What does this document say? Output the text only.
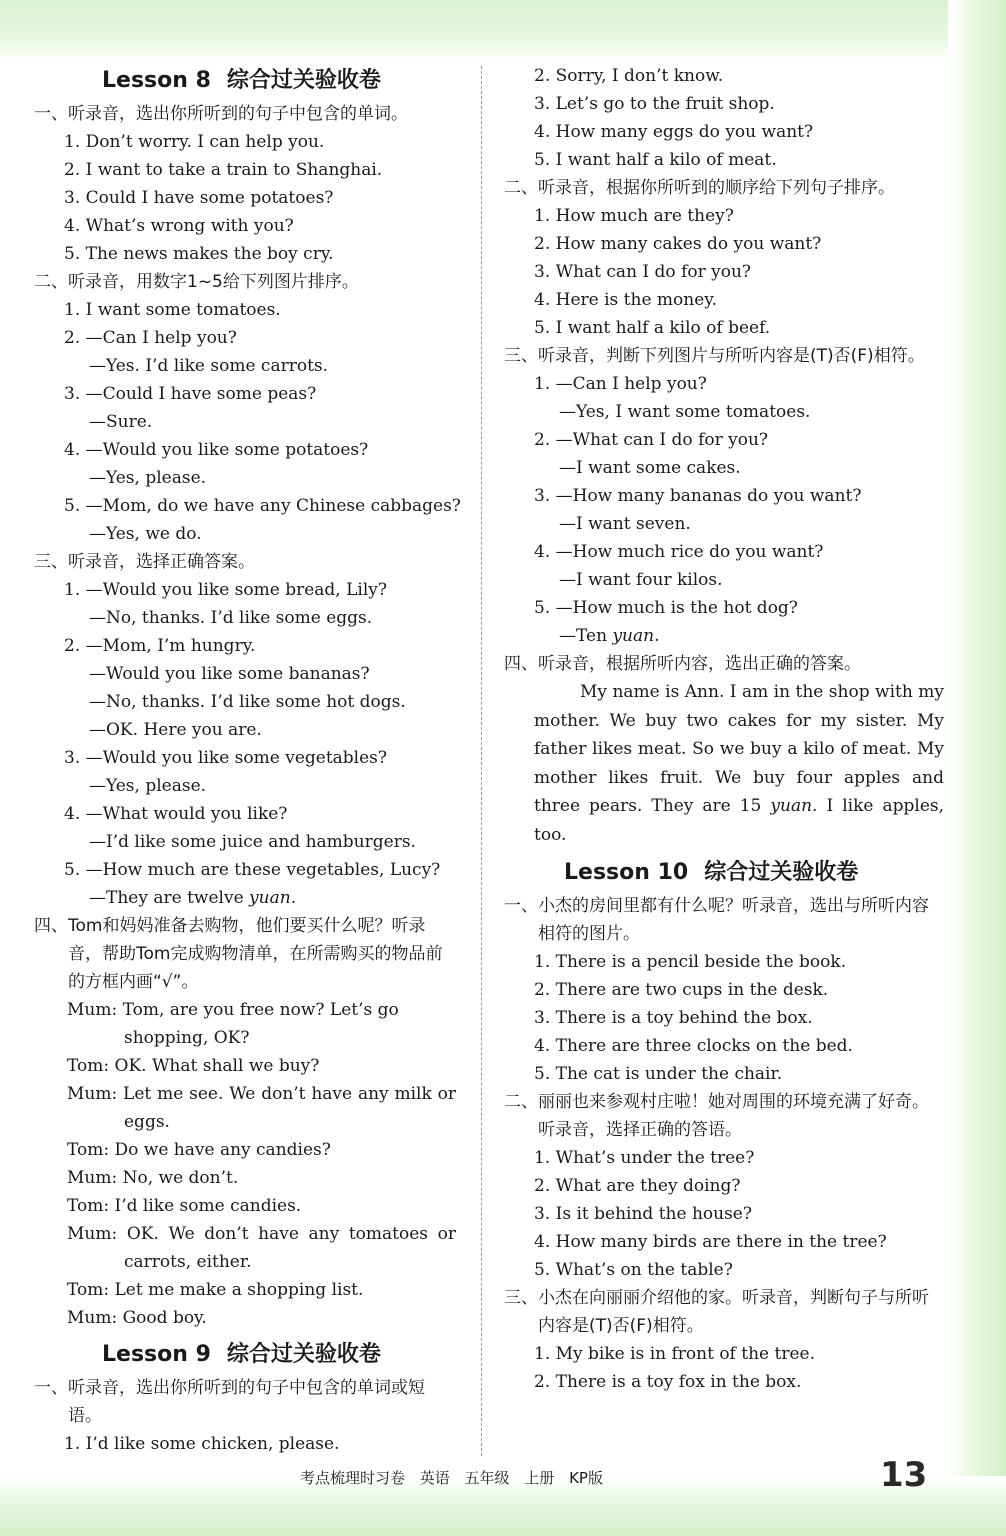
Lesson 8 综合过关验收卷
一、听录音，选出你所听到的句子中包含的单词。
1. Don’t worry. I can help you.
2. I want to take a train to Shanghai.
3. Could I have some potatoes?
4. What’s wrong with you?
5. The news makes the boy cry.
二、听录音，用数字1~5给下列图片排序。
1. I want some tomatoes.
2. —Can I help you?
—Yes. I’d like some carrots.
3. —Could I have some peas?
—Sure.
4. —Would you like some potatoes?
—Yes, please.
5. —Mom, do we have any Chinese cabbages?
—Yes, we do.
三、听录音，选择正确答案。
1. —Would you like some bread, Lily?
—No, thanks. I’d like some eggs.
2. —Mom, I’m hungry.
—Would you like some bananas?
—No, thanks. I’d like some hot dogs.
—OK. Here you are.
3. —Would you like some vegetables?
—Yes, please.
4. —What would you like?
—I’d like some juice and hamburgers.
5. —How much are these vegetables, Lucy?
—They are twelve yuan.
四、Tom和妈妈准备去购物，他们要买什么呢？听录音，帮助Tom完成购物清单，在所需购买的物品前的方框内画“√”。
Mum: Tom, are you free now? Let’s go shopping, OK?
Tom: OK. What shall we buy?
Mum: Let me see. We don’t have any milk or eggs.
Tom: Do we have any candies?
Mum: No, we don’t.
Tom: I’d like some candies.
Mum: OK. We don’t have any tomatoes or carrots, either.
Tom: Let me make a shopping list.
Mum: Good boy.
Lesson 9 综合过关验收卷
一、听录音，选出你所听到的句子中包含的单词或短语。
1. I’d like some chicken, please.
2. Sorry, I don’t know.
3. Let’s go to the fruit shop.
4. How many eggs do you want?
5. I want half a kilo of meat.
二、听录音，根据你所听到的顺序给下列句子排序。
1. How much are they?
2. How many cakes do you want?
3. What can I do for you?
4. Here is the money.
5. I want half a kilo of beef.
三、听录音，判断下列图片与所听内容是(T)否(F)相符。
1. —Can I help you?
—Yes, I want some tomatoes.
2. —What can I do for you?
—I want some cakes.
3. —How many bananas do you want?
—I want seven.
4. —How much rice do you want?
—I want four kilos.
5. —How much is the hot dog?
—Ten yuan.
四、听录音，根据所听内容，选出正确的答案。
My name is Ann. I am in the shop with my mother. We buy two cakes for my sister. My father likes meat. So we buy a kilo of meat. My mother likes fruit. We buy four apples and three pears. They are 15 yuan. I like apples, too.
Lesson 10 综合过关验收卷
一、小杰的房间里都有什么呢？听录音，选出与所听内容相符的图片。
1. There is a pencil beside the book.
2. There are two cups in the desk.
3. There is a toy behind the box.
4. There are three clocks on the bed.
5. The cat is under the chair.
二、丽丽也来参观村庄啦！她对周围的环境充满了好奇。听录音，选择正确的答语。
1. What’s under the tree?
2. What are they doing?
3. Is it behind the house?
4. How many birds are there in the tree?
5. What’s on the table?
三、小杰在向丽丽介绍他的家。听录音，判断句子与所听内容是(T)否(F)相符。
1. My bike is in front of the tree.
2. There is a toy fox in the box.
考点梳理时习卷 英语 五年级 上册 KP版	13
